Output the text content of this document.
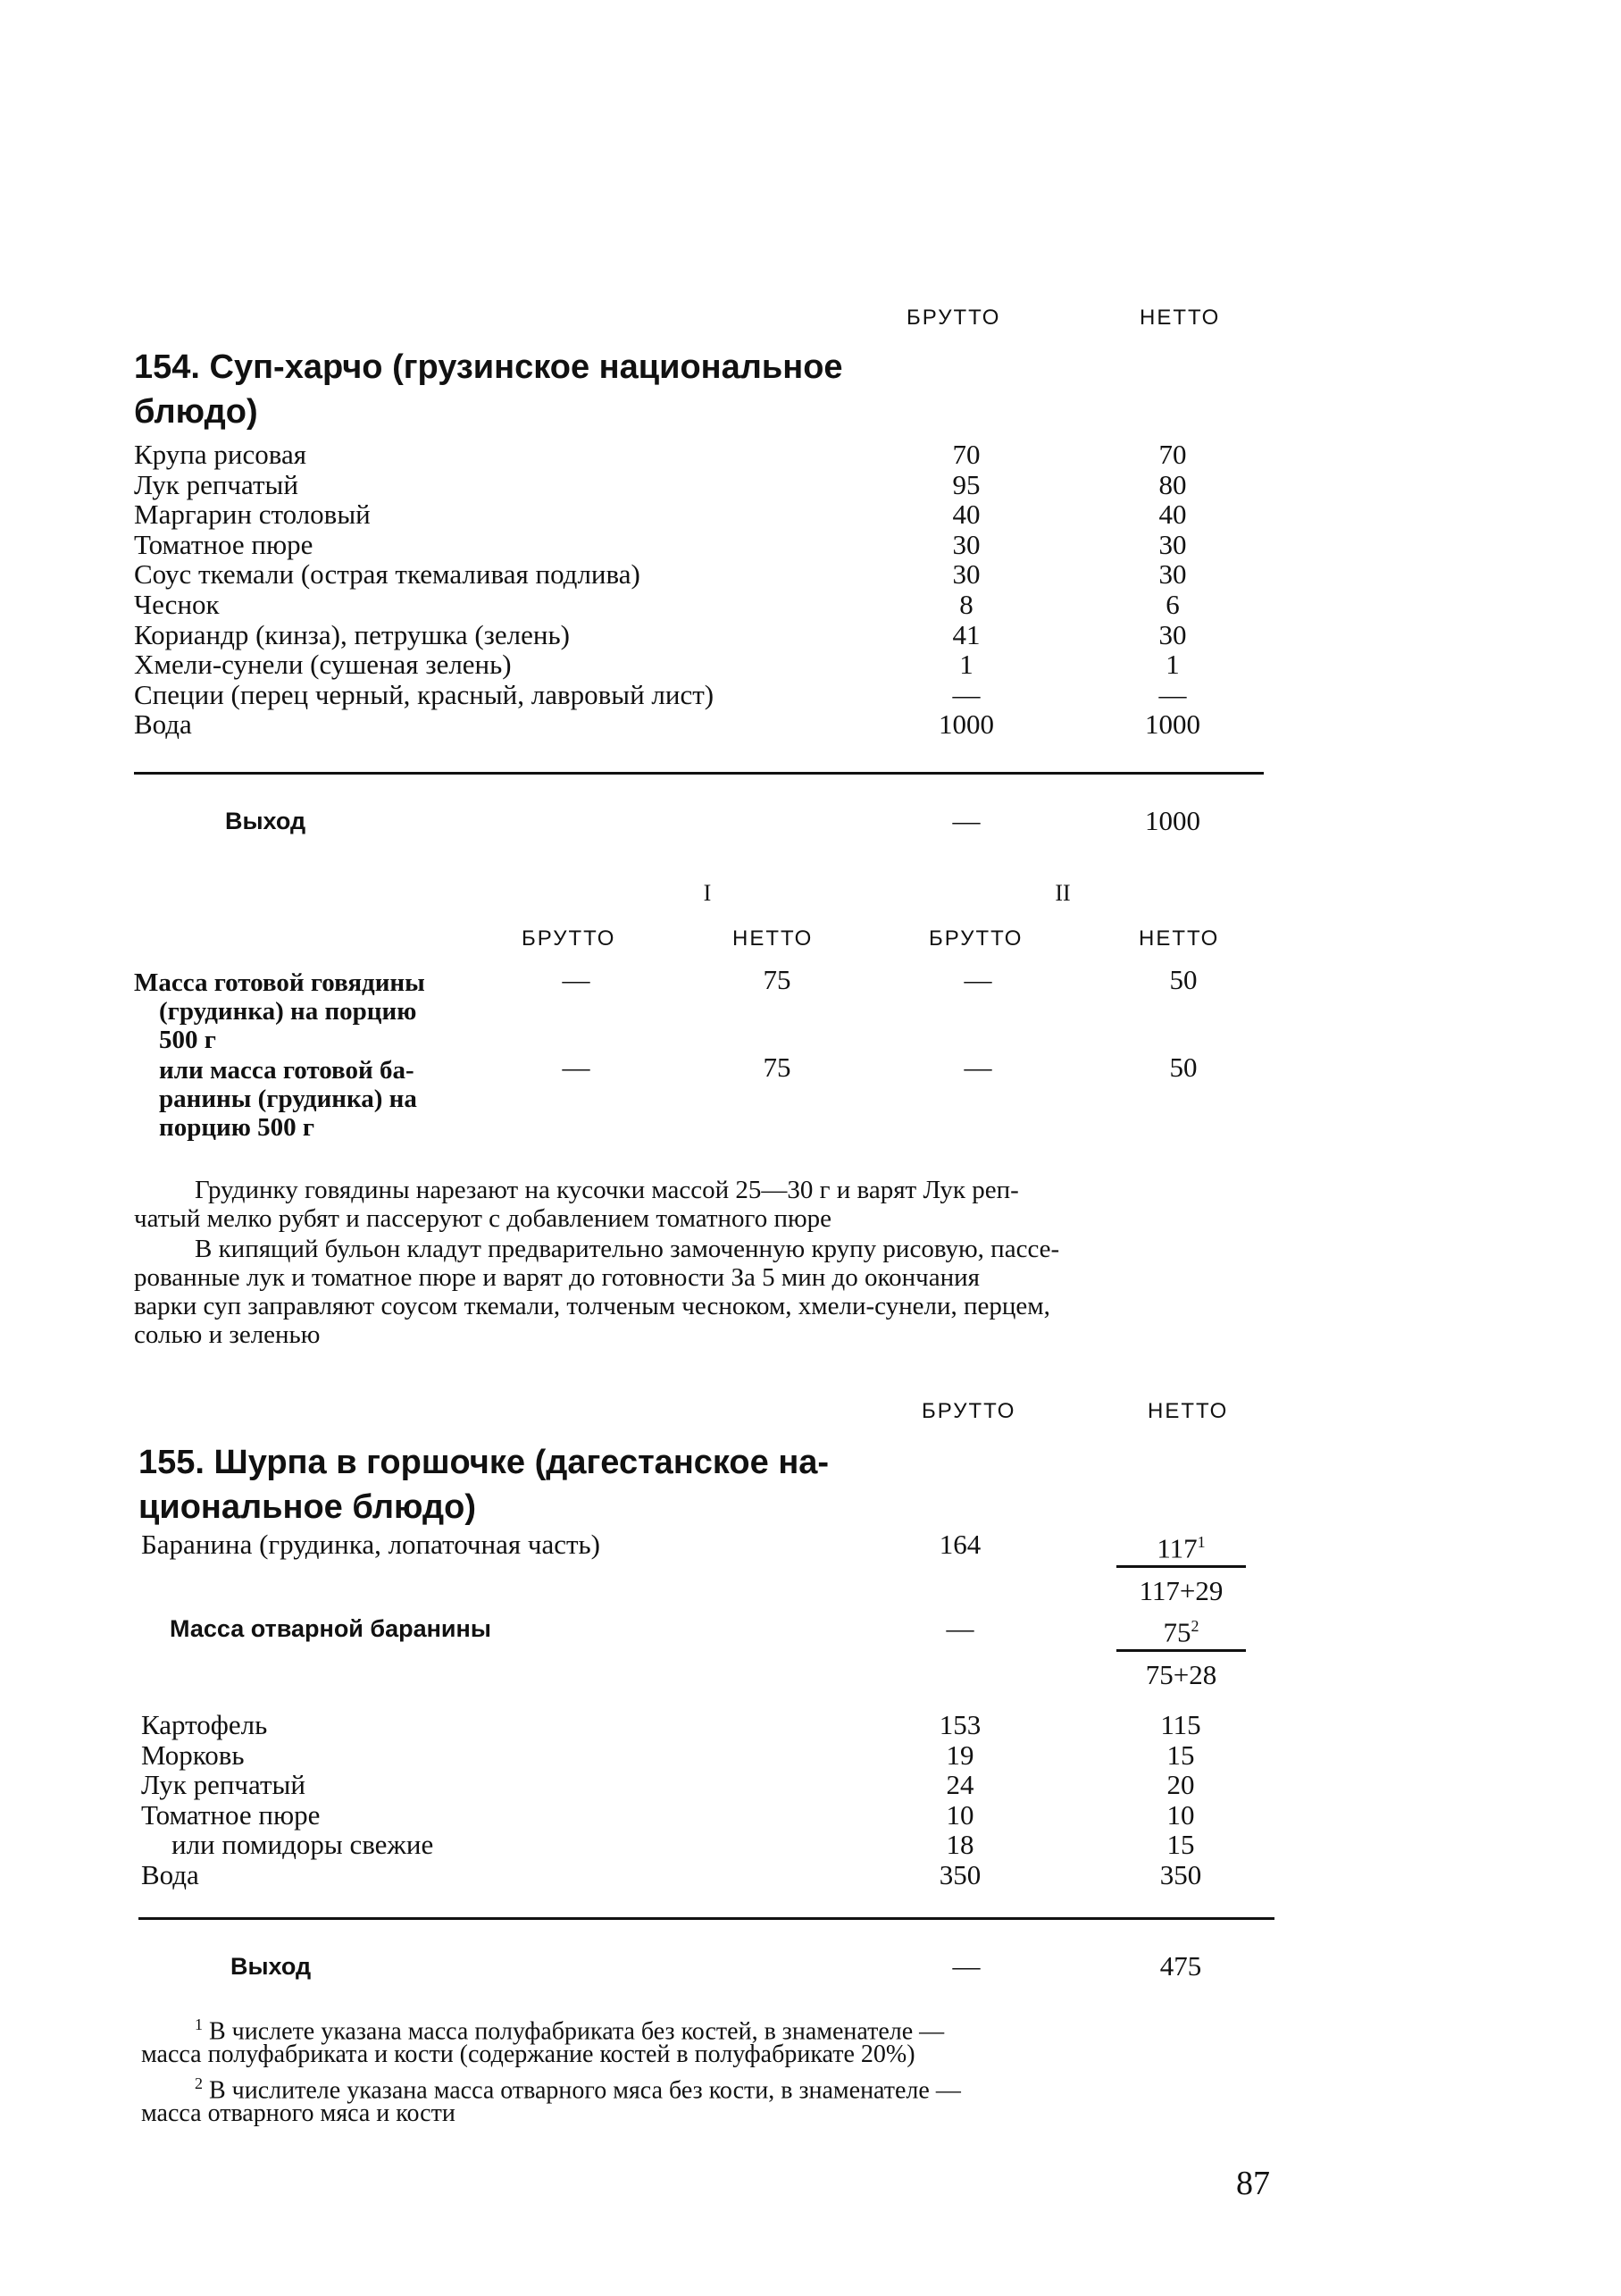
БРУТТО	НЕТТО
154. Суп-харчо (грузинское национальное
блюдо)
Крупа рисовая	70	70
Лук репчатый	95	80
Маргарин столовый	40	40
Томатное пюре	30	30
Соус ткемали (острая ткемаливая подлива)	30	30
Чеснок	8	6
Кориандр (кинза), петрушка (зелень)	41	30
Хмели-сунели (сушеная зелень)	1	1
Специи (перец черный, красный, лавровый лист)	—	—
Вода	1000	1000
Выход	—	1000
I	II
БРУТТО	НЕТТО	БРУТТО	НЕТТО
Масса готовой говядины
(грудинка) на порцию
500 г
—	75	—	50
или масса готовой ба-
ранины (грудинка) на
порцию 500 г
—	75	—	50
Грудинку говядины нарезают на кусочки массой 25—30 г и варят Лук реп-
чатый мелко рубят и пассеруют с добавлением томатного пюре
В кипящий бульон кладут предварительно замоченную крупу рисовую, пассе-
рованные лук и томатное пюре и варят до готовности За 5 мин до окончания
варки суп заправляют соусом ткемали, толченым чесноком, хмели-сунели, перцем,
солью и зеленью
БРУТТО	НЕТТО
155. Шурпа в горшочке (дагестанское на-
циональное блюдо)
Баранина (грудинка, лопаточная часть)	164	$117^1$
117+29
Масса отварной баранины	—	$75^2$
75+28
Картофель	153	115
Морковь	19	15
Лук репчатый	24	20
Томатное пюре	10	10
или помидоры свежие	18	15
Вода	350	350
Выход	—	475
$^1$ В числете указана масса полуфабриката без костей, в знаменателе —
масса полуфабриката и кости (содержание костей в полуфабрикате 20%)
$^2$ В числителе указана масса отварного мяса без кости, в знаменателе —
масса отварного мяса и кости
87
